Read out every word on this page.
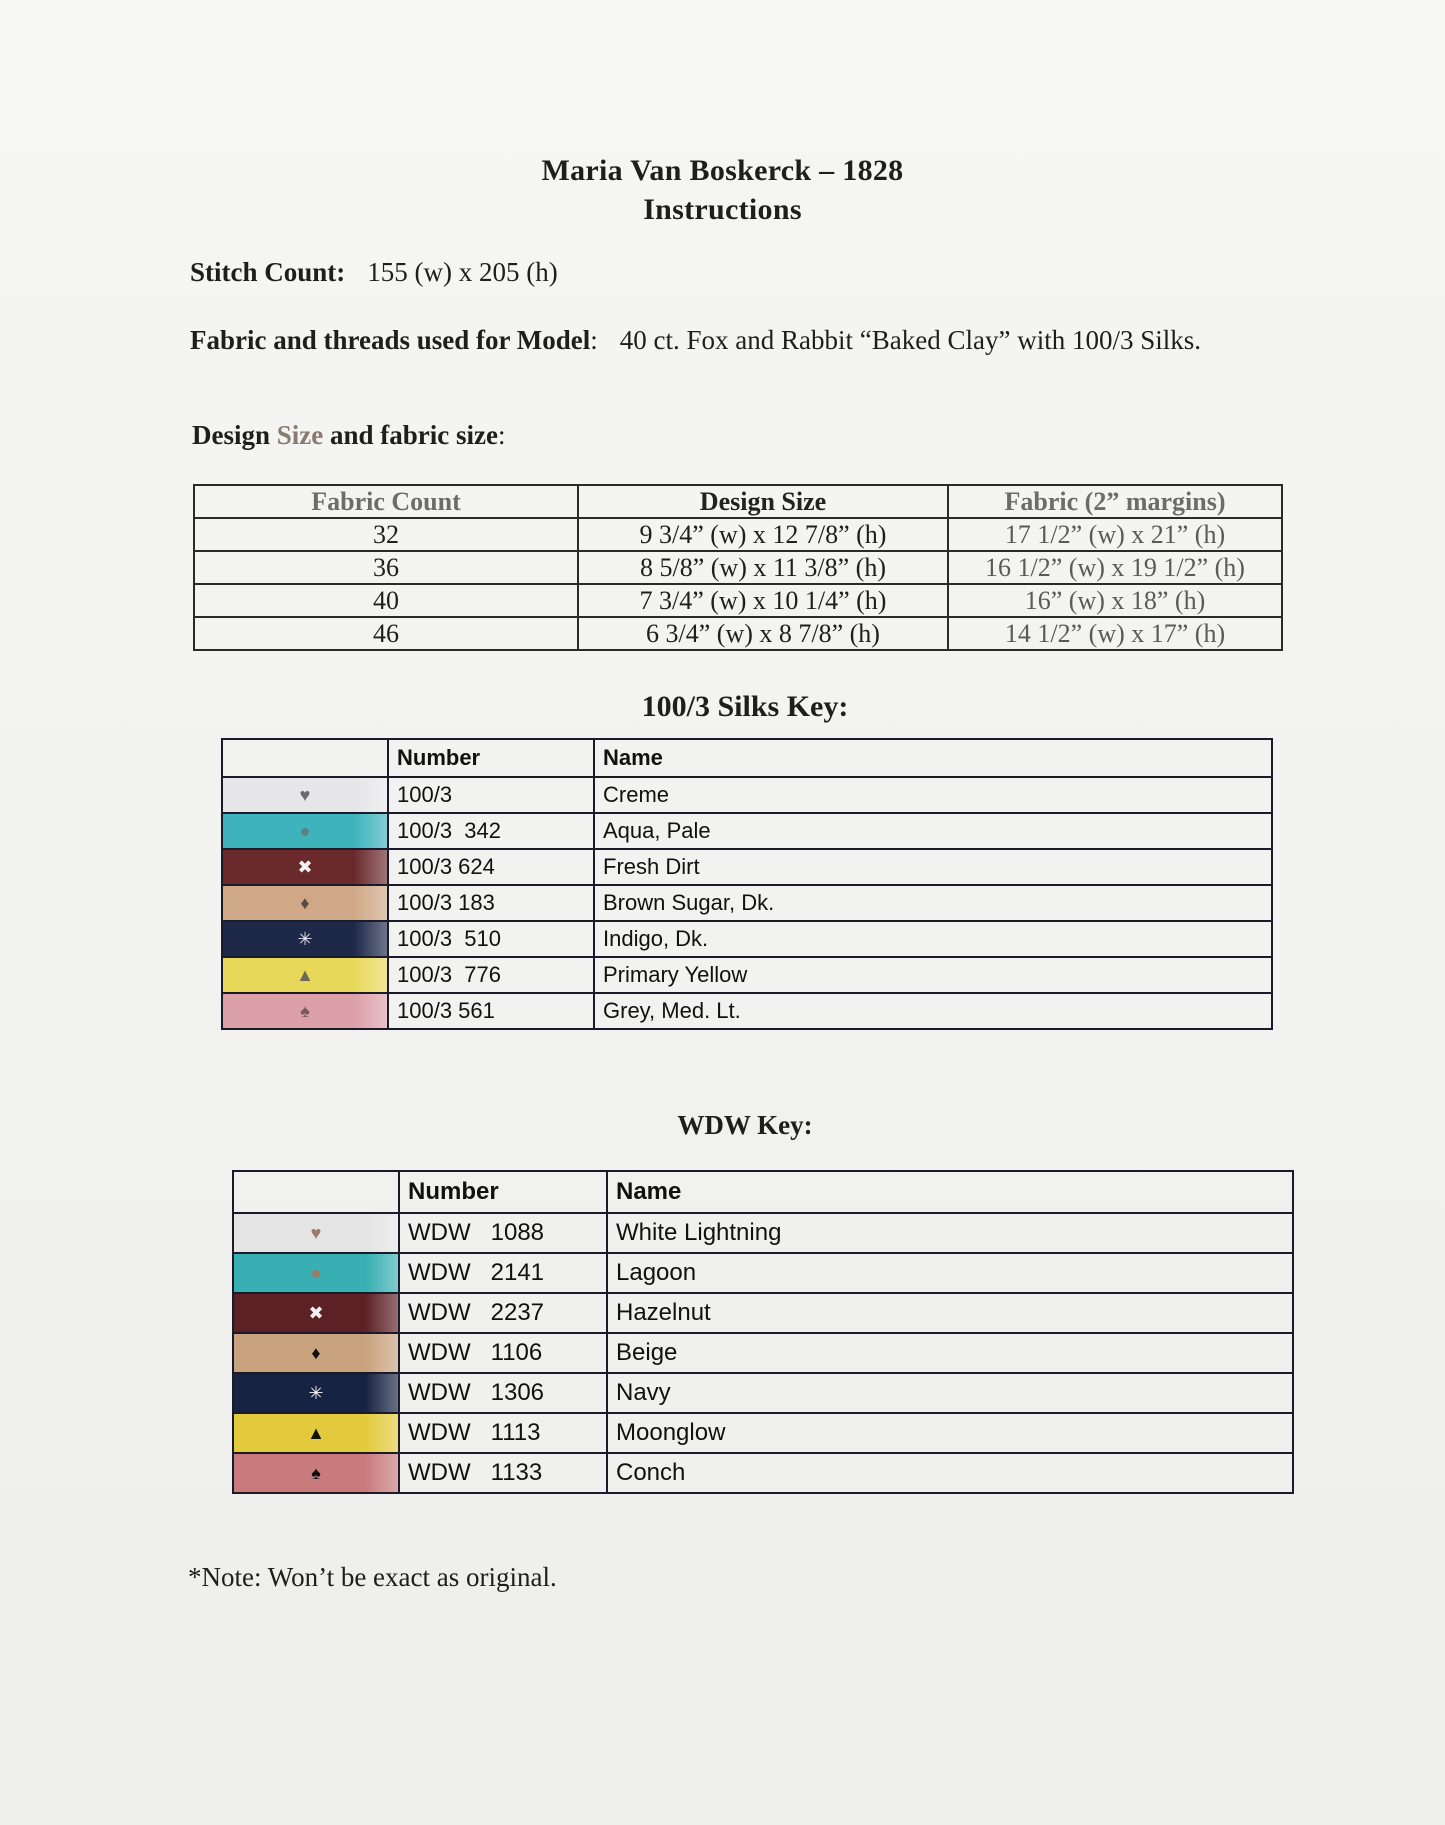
Maria Van Boskerck – 1828
Instructions
Stitch Count: 155 (w) x 205 (h)
Fabric and threads used for Model: 40 ct. Fox and Rabbit “Baked Clay” with 100/3 Silks.
Design Size and fabric size:
Fabric Count	Design Size	Fabric (2” margins)
32	9 3/4” (w) x 12 7/8” (h)	17 1/2” (w) x 21” (h)
36	8 5/8” (w) x 11 3/8” (h)	16 1/2” (w) x 19 1/2” (h)
40	7 3/4” (w) x 10 1/4” (h)	16” (w) x 18” (h)
46	6 3/4” (w) x 8 7/8” (h)	14 1/2” (w) x 17” (h)
100/3 Silks Key:
	Number	Name

♥	100/3	Creme

●	100/3  342	Aqua, Pale

✖	100/3 624	Fresh Dirt

♦	100/3 183	Brown Sugar, Dk.

✳	100/3  510	Indigo, Dk.

▲	100/3  776	Primary Yellow

♠	100/3 561	Grey, Med. Lt.
WDW Key:
	Number	Name

♥	WDW   1088	White Lightning

●	WDW   2141	Lagoon

✖	WDW   2237	Hazelnut

♦	WDW   1106	Beige

✳	WDW   1306	Navy

▲	WDW   1113	Moonglow

♠	WDW   1133	Conch
*Note: Won’t be exact as original.
